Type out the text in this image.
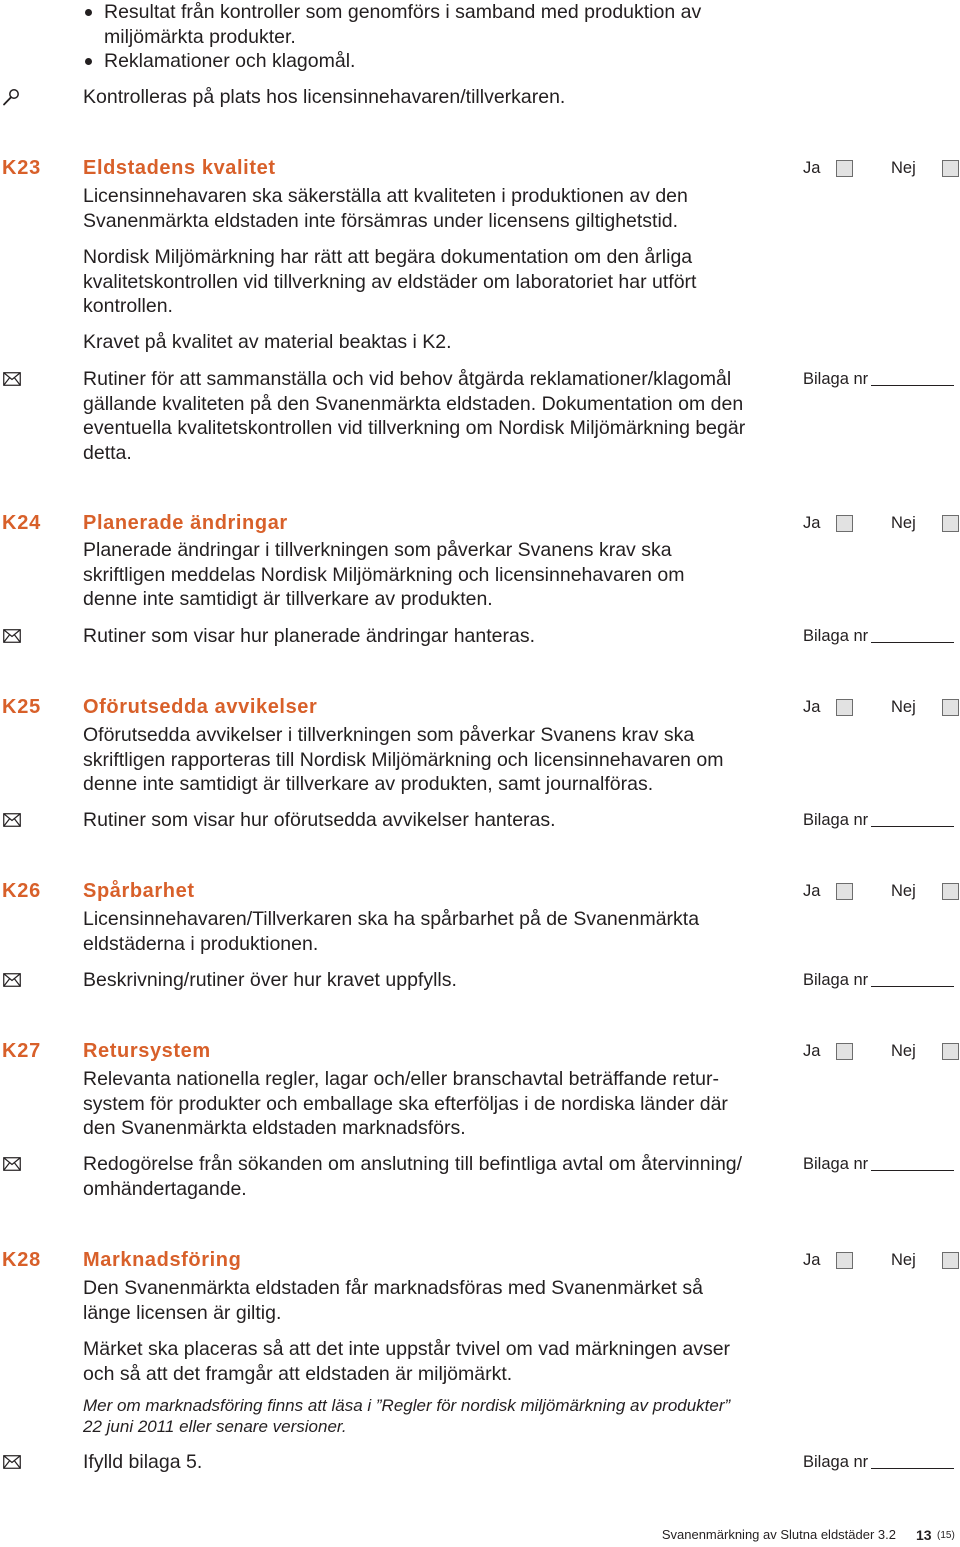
Resultat från kontroller som genomförs i samband med produktion av
miljömärkta produkter.
Reklamationer och klagomål.
Kontrolleras på plats hos licensinnehavaren/tillverkaren.
K23 Eldstadens kvalitet	Ja	Nej
Licensinnehavaren ska säkerställa att kvaliteten i produktionen av den
Svanenmärkta eldstaden inte försämras under licensens giltighetstid.
Nordisk Miljömärkning har rätt att begära dokumentation om den årliga
kvalitetskontrollen vid tillverkning av eldstäder om laboratoriet har utfört
kontrollen.
Kravet på kvalitet av material beaktas i K2.
Rutiner för att sammanställa och vid behov åtgärda reklamationer/klagomål
gällande kvaliteten på den Svanenmärkta eldstaden. Dokumentation om den
eventuella kvalitetskontrollen vid tillverkning om Nordisk Miljömärkning begär
detta.
Bilaga nr
K24 Planerade ändringar	Ja	Nej
Planerade ändringar i tillverkningen som påverkar Svanens krav ska
skriftligen meddelas Nordisk Miljömärkning och licensinnehavaren om
denne inte samtidigt är tillverkare av produkten.
Rutiner som visar hur planerade ändringar hanteras.	Bilaga nr
K25 Oförutsedda avvikelser	Ja	Nej
Oförutsedda avvikelser i tillverkningen som påverkar Svanens krav ska
skriftligen rapporteras till Nordisk Miljömärkning och licensinnehavaren om
denne inte samtidigt är tillverkare av produkten, samt journalföras.
Rutiner som visar hur oförutsedda avvikelser hanteras.	Bilaga nr
K26 Spårbarhet	Ja	Nej
Licensinnehavaren/Tillverkaren ska ha spårbarhet på de Svanenmärkta
eldstäderna i produktionen.
Beskrivning/rutiner över hur kravet uppfylls.	Bilaga nr
K27 Retursystem	Ja	Nej
Relevanta nationella regler, lagar och/eller branschavtal beträffande retur-
system för produkter och emballage ska efterföljas i de nordiska länder där
den Svanenmärkta eldstaden marknadsförs.
Redogörelse från sökanden om anslutning till befintliga avtal om återvinning/
omhändertagande.
Bilaga nr
K28 Marknadsföring	Ja	Nej
Den Svanenmärkta eldstaden får marknadsföras med Svanenmärket så
länge licensen är giltig.
Märket ska placeras så att det inte uppstår tvivel om vad märkningen avser
och så att det framgår att eldstaden är miljömärkt.
Mer om marknadsföring finns att läsa i ”Regler för nordisk miljömärkning av produkter”
22 juni 2011 eller senare versioner.
Ifylld bilaga 5.	Bilaga nr
Svanenmärkning av Slutna eldstäder 3.2 13 (15)
